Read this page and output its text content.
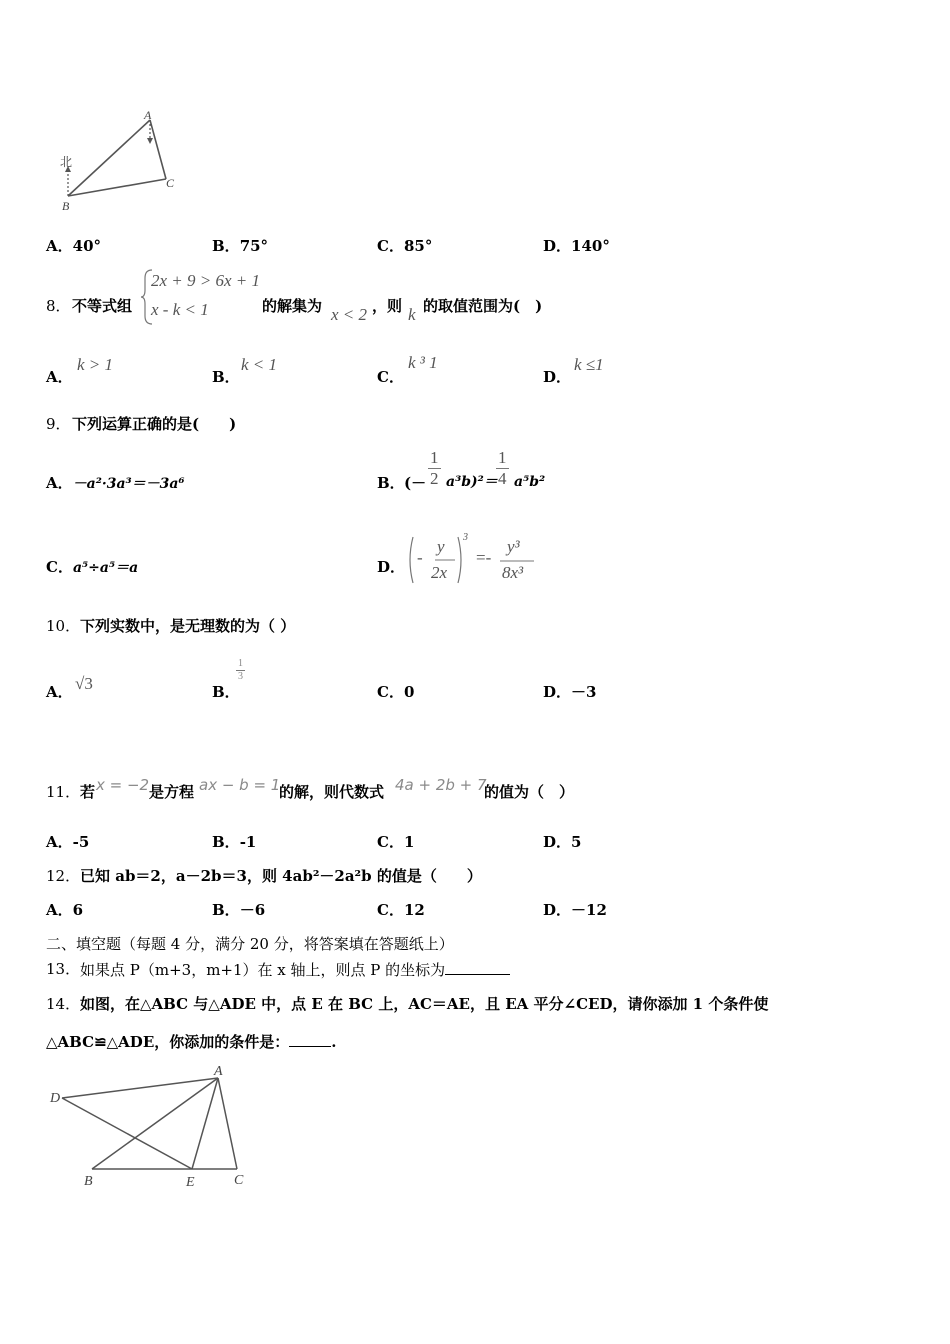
北
A
B
C
A．40°	B．75°	C．85°	D．140°
8． 不等式组
2x + 9 > 6x + 1
x - k < 1	的解集为 x < 2 ，则 k 的取值范围为(　)
A．
k > 1
B．
k < 1
C．
k ³ 1
D．
k ≤1
9． 下列运算正确的是(　　)
A．－a²·3a³＝－3a⁶	B． (－ $\frac{1}{2} a^3b)^2=$
$\frac{1}{4} a^5b^2$
C．a⁵÷a⁵＝a	D． -
y
2x
3
=-
y³
8x³
10． 下列实数中，是无理数的为（ ）
A． √3	B．
$\frac{1}{3}$
C．0	D．－3
11． 若 x = −2 是方程 ax − b = 1
的解，则代数式 4a + 2b + 7
的值为（　）
A．-5	B．-1	C．1	D．5
12． 已知 ab＝2，a－2b＝3，则 4ab²－2a²b 的值是（　　）
A．6	B．－6	C．12	D．－12
二、填空题（每题 4 分，满分 20 分，将答案填在答题纸上）
13． 如果点 P（m+3，m+1）在 x 轴上，则点 P 的坐标为
14． 如图，在△ABC 与△ADE 中，点 E 在 BC 上，AC＝AE，且 EA 平分∠CED，请你添加 1 个条件使
△ABC≌△ADE，你添加的条件是：	.
A
D
B	E	C
